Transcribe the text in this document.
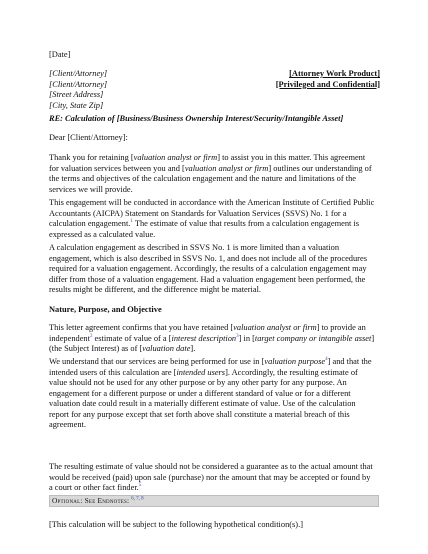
[Date]

[Client/Attorney]

[Client/Attorney]

[Street Address]

[City, State Zip]

[Attorney Work Product]

[Privileged and Confidential]

RE: Calculation of [Business/Business Ownership Interest/Security/Intangible Asset]
Dear [Client/Attorney]:

Thank you for retaining [valuation analyst or firm] to assist you in this matter. This agreement

for valuation services between you and [valuation analyst or firm] outlines our understanding of

the terms and objectives of the calculation engagement and the nature and limitations of the

services we will provide.

This engagement will be conducted in accordance with the American Institute of Certified Public

Accountants (AICPA) Statement on Standards for Valuation Services (SSVS) No. 1 for a

calculation engagement.$^1$ The estimate of value that results from a calculation engagement is

expressed as a calculated value.

A calculation engagement as described in SSVS No. 1 is more limited than a valuation

engagement, which is also described in SSVS No. 1, and does not include all of the procedures

required for a valuation engagement. Accordingly, the results of a calculation engagement may

differ from those of a valuation engagement. Had a valuation engagement been performed, the

results might be different, and the difference might be material.

Nature, Purpose, and Objective

This letter agreement confirms that you have retained [valuation analyst or firm] to provide an

independent$^2$ estimate of value of a [interest description$^3$] in [target company or intangible asset]

(the Subject Interest) as of [valuation date].

We understand that our services are being performed for use in [valuation purpose$^4$] and that the

intended users of this calculation are [intended users]. Accordingly, the resulting estimate of

value should not be used for any other purpose or by any other party for any purpose. An

engagement for a different purpose or under a different standard of value or for a different

valuation date could result in a materially different estimate of value. Use of the calculation

report for any purpose except that set forth above shall constitute a material breach of this

agreement.

The resulting estimate of value should not be considered a guarantee as to the actual amount that

would be received (paid) upon sale (purchase) nor the amount that may be accepted or found by

a court or other fact finder.$^5$

Optional: See Endnotes: $^{6, 7, 8}$
[This calculation will be subject to the following hypothetical condition(s).]
